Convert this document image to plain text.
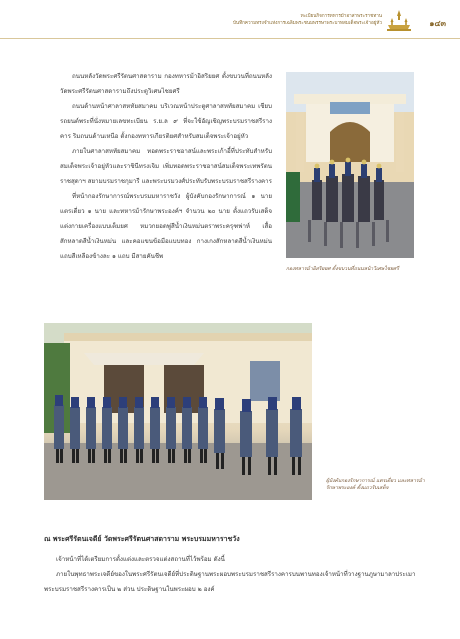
ทะเบียนกิจการทหารม้าอาสาพระราชทาน
บันทึกความทรงจำแห่งการเฉลิมพระชนมพรรษาพระบาทสมเด็จพระเจ้าอยู่หัว	๑๔๓

ถนนหลังวัดพระศรีรัตนศาสดาราม กองทหารม้าอิสริยยศ ตั้งขบวนที่ถนนหลังวัดพระศรีรัตนศาสดารามถึงประตูวิเศษไชยศรี

ถนนด้านหน้าศาลาสหทัยสมาคม บริเวณหน้าประตูศาลาสหทัยสมาคม เชียบรถยนต์พระที่นั่งหมายเลขทะเบียน ร.ย.ล ๙ ที่จะใช้อัญเชิญพระบรมราชสรีรางคาร ริมถนนด้านเหนือ ตั้งกองทหารเกียรติยศสำหรับสมเด็จพระเจ้าอยู่หัว

ภายในศาลาสหทัยสมาคม ทอดพระราชอาสน์และพระเก้าอี้ที่ประทับสำหรับสมเด็จพระเจ้าอยู่หัวและราชินีทรงเจิม เพิ่มทอดพระราชอาสน์สมเด็จพระเทพรัตนราชสุดาฯ สยามบรมราชกุมารี และพระบรมวงศ์ประทับรับพระบรมราชสรีรางคาร

ที่หน้ากองรักษาการณ์พระบรมมหาราชวัง ผู้บังคับกองรักษาการณ์ ๑ นาย แตรเดี่ยว ๑ นาย และทหารม้ารักษาพระองค์ฯ จำนวน ๒๐ นาย ตั้งแถวรับเสด็จ แต่งกายเครื่องแบบเต็มยศ หมวกยอดพู่สีน้ำเงินหม่นตราพระครุฑพ่าห์ เสื้อสักหลาดสีน้ำเงินหม่น และคอแขนข้อมือแบบทอง กางเกงสักหลาดสีน้ำเงินหม่นแถบสีเหลืองข้างละ ๑ แถบ มีสายคันชีพ

กองทหารม้าอิสริยยศ ตั้งขบวนที่ถนนหน้าวิเศษไชยศรี
ผู้บังคับกองรักษาการณ์ แตรเดี่ยว และทหารม้ารักษาพระองค์ ตั้งแถวรับเสด็จ
ณ พระศรีรัตนเจดีย์ วัดพระศรีรัตนศาสดาราม พระบรมมหาราชวัง

เจ้าหน้าที่ได้เตรียมการตั้งแต่งและตรวจแต่งสถานที่ไว้พร้อม ดังนี้

ภายในพุทธาพระเจดีย์ของในพระศรีรัตนเจดีย์ที่ประดิษฐานพระผอบพระบรมราชสรีรางคารบนพานทองเจ้าหน้าที่วางฐานภูษามาลาประเมาพระบรมราชสรีรางคารเป็น ๒ ส่วน ประดิษฐานในพระผอบ ๒ องค์
